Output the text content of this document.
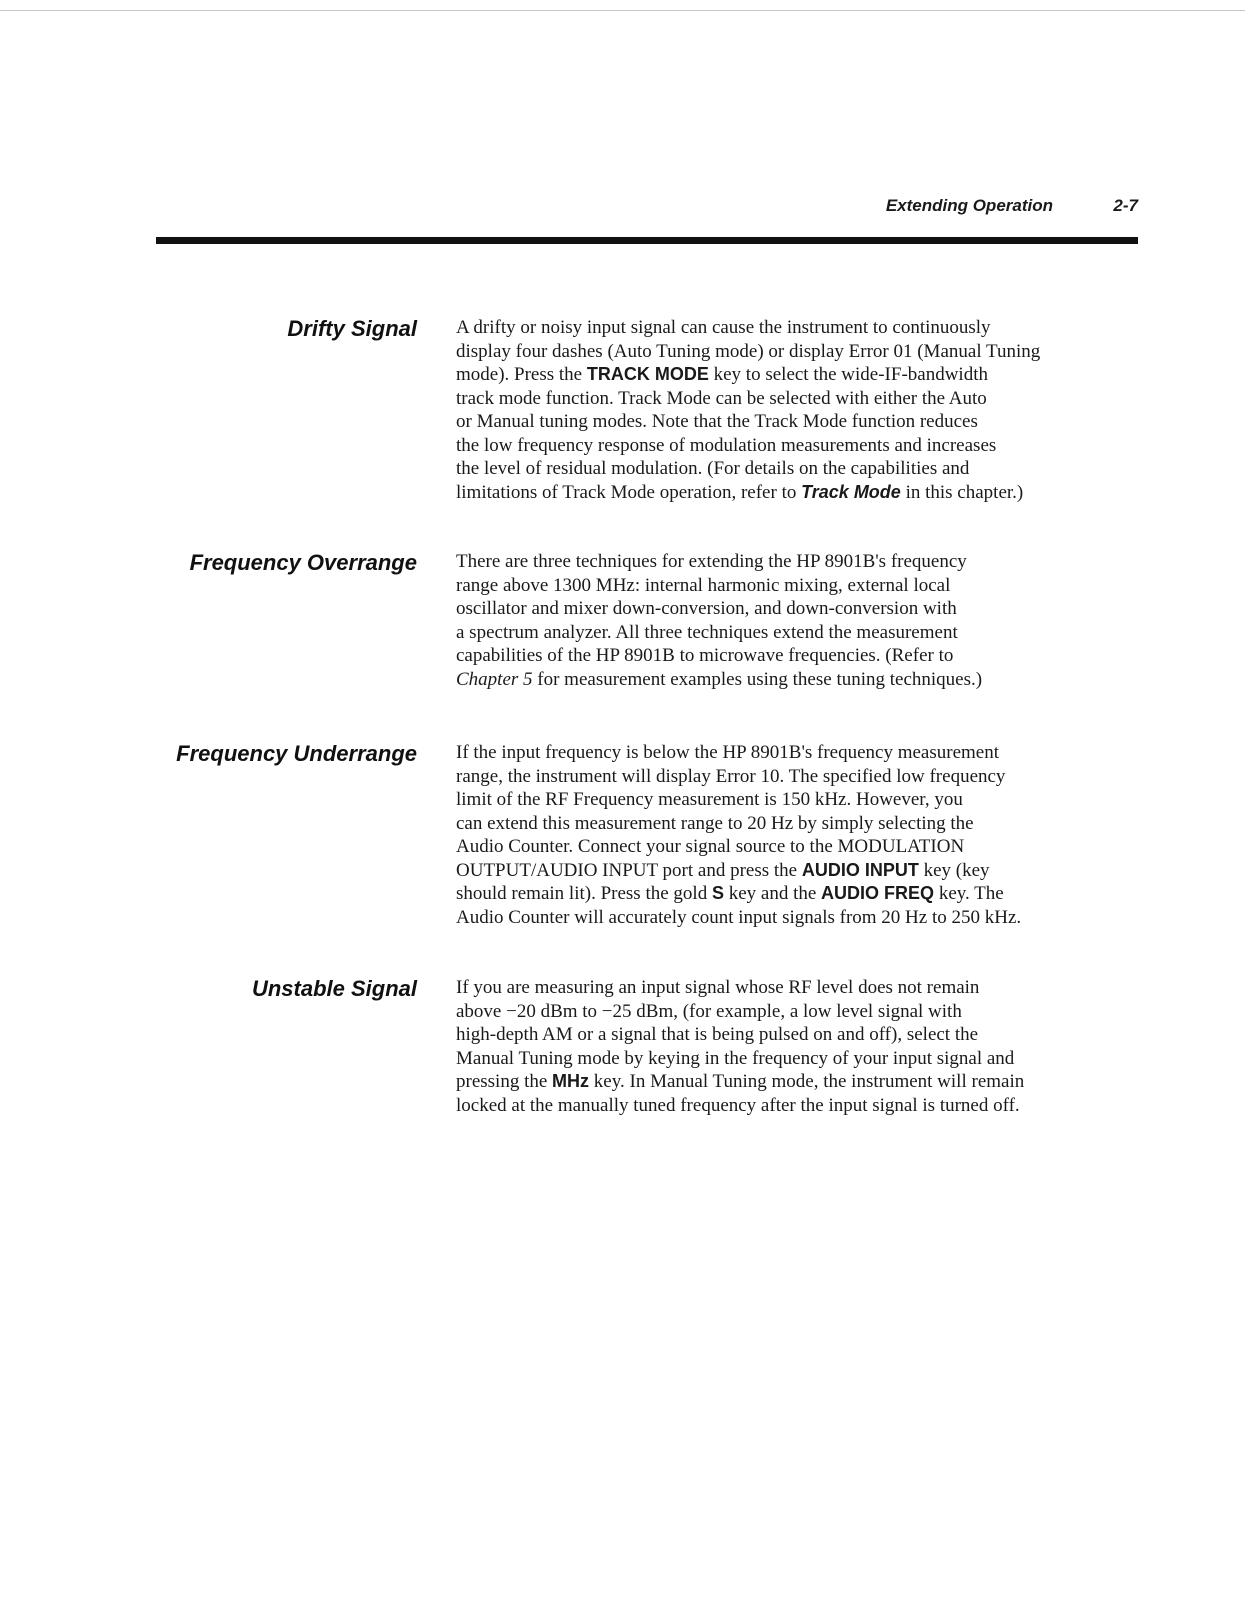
Extending Operation	2-7
Drifty Signal A drifty or noisy input signal can cause the instrument to continuously
display four dashes (Auto Tuning mode) or display Error 01 (Manual Tuning
mode). Press the TRACK MODE key to select the wide-IF-bandwidth
track mode function. Track Mode can be selected with either the Auto
or Manual tuning modes. Note that the Track Mode function reduces
the low frequency response of modulation measurements and increases
the level of residual modulation. (For details on the capabilities and
limitations of Track Mode operation, refer to Track Mode in this chapter.)
Frequency Overrange There are three techniques for extending the HP 8901B's frequency
range above 1300 MHz: internal harmonic mixing, external local
oscillator and mixer down-conversion, and down-conversion with
a spectrum analyzer. All three techniques extend the measurement
capabilities of the HP 8901B to microwave frequencies. (Refer to
Chapter 5 for measurement examples using these tuning techniques.)
Frequency Underrange If the input frequency is below the HP 8901B's frequency measurement
range, the instrument will display Error 10. The specified low frequency
limit of the RF Frequency measurement is 150 kHz. However, you
can extend this measurement range to 20 Hz by simply selecting the
Audio Counter. Connect your signal source to the MODULATION
OUTPUT/AUDIO INPUT port and press the AUDIO INPUT key (key
should remain lit). Press the gold S key and the AUDIO FREQ key. The
Audio Counter will accurately count input signals from 20 Hz to 250 kHz.
Unstable Signal If you are measuring an input signal whose RF level does not remain
above −20 dBm to −25 dBm, (for example, a low level signal with
high-depth AM or a signal that is being pulsed on and off), select the
Manual Tuning mode by keying in the frequency of your input signal and
pressing the MHz key. In Manual Tuning mode, the instrument will remain
locked at the manually tuned frequency after the input signal is turned off.
